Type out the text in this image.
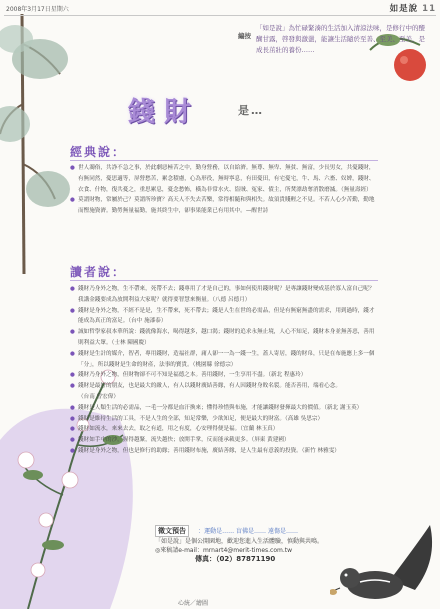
2008年3月17日星期六	如是說 11
編按
「如是說」為忙碌緊湊的生活加入清涼法味，是修行中的醍醐甘露，啓發與激盪，能讓生活隨於至善、至美、至美，是成長茁壯的養份……
錢財	是…
經典說：
● 世人濁俗，共諍不急之事，於此劇惡極苦之中，勤身營務，以自給濟。無尊、無卑、無貧、無富，少長男女，共憂錢財，有無同然，憂思適等，屏營愁苦，累念積慮，心為形役，無時寧息，有田憂田，有宅憂宅，牛、馬、六畜、奴婢，錢財、衣食、什物，復共憂之，重思累息，憂念愁怖，橫為非常水火、盜賊、冤家、債主，所焚漂劫奪消散磨滅。（無量壽經）
● 莫謂財物，常屬於己？莫謂所珍寶？高天人不失去苦樂，常得相隨和與相失。故須貴賤輕之不見。不若人心少苦勤，勤地而慳施資濟。勤勞無量福勤，施其終生中，卻事果能業已有用其中。—醒世詩
讀者說：
● 錢財乃身外之物，生不帶來，死帶不去；錢專用了才是自己的，事如何使用錢財呢？是專讓錢財變成基於寡人富自己呢？我講金錢要成為放開利益大家呢？就得要智慧來衡量。（八德 呂德月）
● 錢財是身外之物，不經不是是，生不帶來，死不帶去；錢是人生在世的必需品，但是有無窮無盡的需求，用到過時，錢才能成為真正的富足。（台中 施漆泰）
● 誠如哲學家叔本華所說：錢就像海水，喝得越多，越口渴；錢財的追求永無止境，人心不知足，錢財本身並無善惡，善用則利益大眾。（士林 陳國慶）
● 錢財是生計的媒介，智者，專用錢財，造福社群，庸人卻一一為一錢一生，蓋人寄居，錢的財帛，只是在布施應上多一個「分」，所以錢財是生命的財產，法事的寶貴。（桃園縣 徐德宗）
● 錢財乃身外之物，但財物卻不可不知是福德之本。善用錢財，一生享用不盡。（新北 程惠玲）
● 錢財是最好的朋友，也是最大的敵人，有人以錢財廣結善緣，有人因錢財身敗名裂。能否善用，端看心念。（台南 曾宏偉）
● 錢財是人類生活的必需品，一毛一分都是血汗換來；懂得珍惜與布施，才能讓錢財發揮最大的價值。（新北 謝玉英）
● 錢財是維持生活的工具，不是人生的全部，知足常樂，少欲知足，便是最大的財富。（高雄 吳思宗）
● 錢財如流水，來來去去，取之有道，用之有度，心安理得便是福。（宜蘭 林玉真）
● 錢財如手中的沙，握得越緊，流失越快；放開手掌，反而能承載更多。（屏東 黃建國）
● 錢財是身外之物，但也是修行的助緣；善用錢財布施，廣結善緣，是人生最有意義的投資。（新竹 林雅雯）
徵文預告 ：運動是…… 盲佛是…… 遠傷是……
「如是說」是個公開園地，歡迎您進入生活體驗，慎動與共鳴。
◎來稿請e-mail：mrnart4@merit-times.com.tw
傳真：（02）87871190
心統／繪圖
